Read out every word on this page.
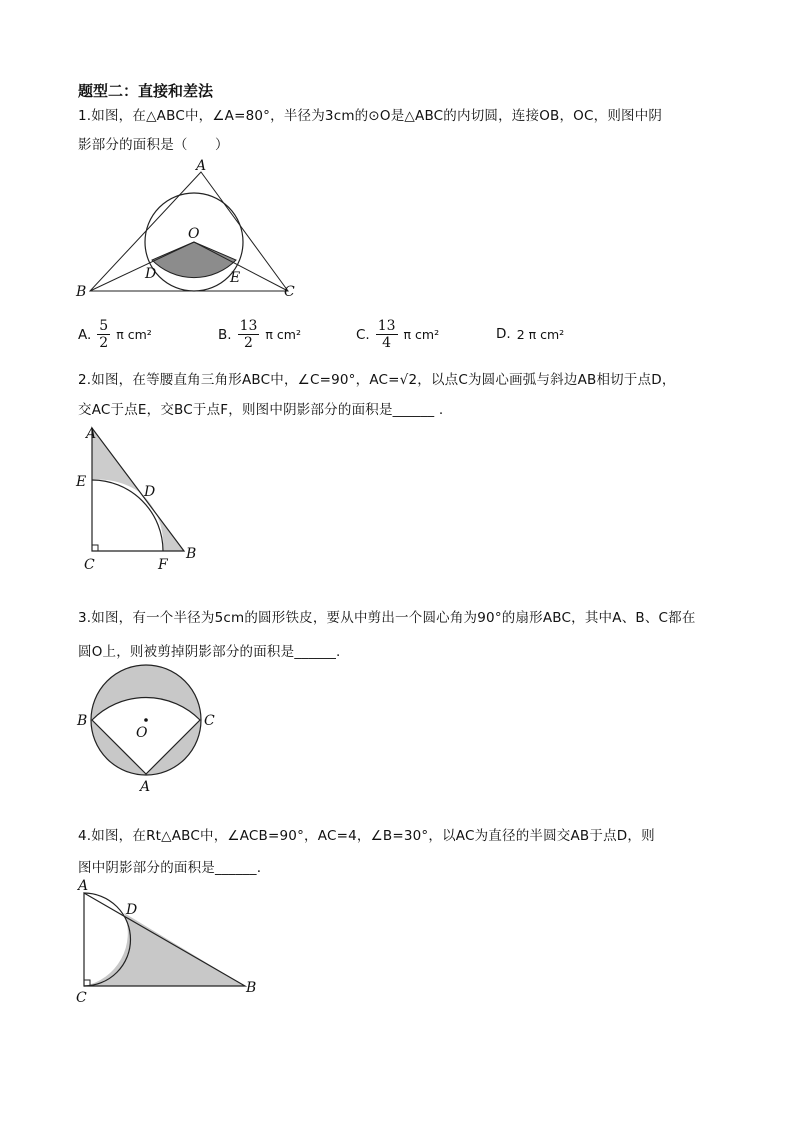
题型二：直接和差法
1.如图，在△ABC中，∠A=80°，半径为3cm的⊙O是△ABC的内切圆，连接OB，OC，则图中阴
影部分的面积是（　　）
A
O
D	E
B	C
A. $\frac{5}{2}$ π cm²	B. $\frac{13}{2}$ π cm²	C. $\frac{13}{4}$ π cm²	D. 2 π cm²
2.如图，在等腰直角三角形ABC中，∠C=90°，AC=√2，以点C为圆心画弧与斜边AB相切于点D，
交AC于点E，交BC于点F，则图中阴影部分的面积是______ .
A
E
D
C	F
B
3.如图，有一个半径为5cm的圆形铁皮，要从中剪出一个圆心角为90°的扇形ABC，其中A、B、C都在
圆O上，则被剪掉阴影部分的面积是______.
B	C
O
A
4.如图，在Rt△ABC中，∠ACB=90°，AC=4，∠B=30°，以AC为直径的半圆交AB于点D，则
图中阴影部分的面积是______.
A
D
C
B
